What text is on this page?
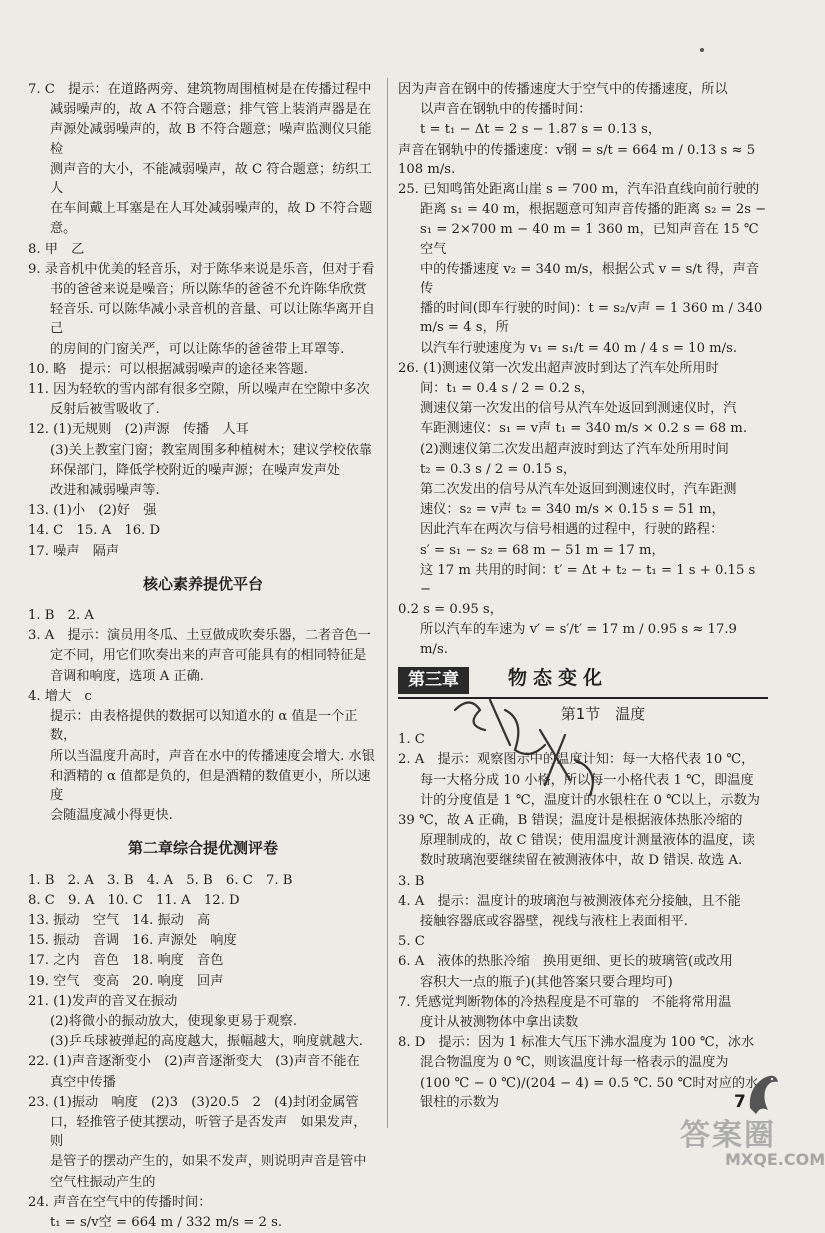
7. C　提示：在道路两旁、建筑物周围植树是在传播过程中
减弱噪声的，故 A 不符合题意；排气管上装消声器是在
声源处减弱噪声的，故 B 不符合题意；噪声监测仪只能检
测声音的大小，不能减弱噪声，故 C 符合题意；纺织工人
在车间戴上耳塞是在人耳处减弱噪声的，故 D 不符合题
意。
8. 甲　乙
9. 录音机中优美的轻音乐，对于陈华来说是乐音，但对于看
书的爸爸来说是噪音；所以陈华的爸爸不允许陈华欣赏
轻音乐. 可以陈华减小录音机的音量、可以让陈华离开自己
的房间的门窗关严，可以让陈华的爸爸带上耳罩等.
10. 略　提示：可以根据减弱噪声的途径来答题.
11. 因为轻软的雪内部有很多空隙，所以噪声在空隙中多次
反射后被雪吸收了.
12. (1)无规则　(2)声源　传播　人耳
(3)关上教室门窗；教室周围多种植树木；建议学校依靠
环保部门，降低学校附近的噪声源；在噪声发声处
改进和减弱噪声等.
13. (1)小　(2)好　强
14. C　15. A　16. D
17. 噪声　隔声
核心素养提优平台
1. B　2. A
3. A　提示：演员用冬瓜、土豆做成吹奏乐器，二者音色一
定不同，用它们吹奏出来的声音可能具有的相同特征是
音调和响度，选项 A 正确.
4. 增大　c
提示：由表格提供的数据可以知道水的 α 值是一个正数，
所以当温度升高时，声音在水中的传播速度会增大. 水银
和酒精的 α 值都是负的，但是酒精的数值更小，所以速度
会随温度减小得更快.
第二章综合提优测评卷
1. B　2. A　3. B　4. A　5. B　6. C　7. B
8. C　9. A　10. C　11. A　12. D
13. 振动　空气　14. 振动　高
15. 振动　音调　16. 声源处　响度
17. 之内　音色　18. 响度　音色
19. 空气　变高　20. 响度　回声
21. (1)发声的音叉在振动
(2)将微小的振动放大，使现象更易于观察.
(3)乒乓球被弹起的高度越大，振幅越大，响度就越大.
22. (1)声音逐渐变小　(2)声音逐渐变大　(3)声音不能在
真空中传播
23. (1)振动　响度　(2)3　(3)20.5　2　(4)封闭金属管
口，轻推管子使其摆动，听管子是否发声　如果发声，则
是管子的摆动产生的，如果不发声，则说明声音是管中
空气柱振动产生的
24. 声音在空气中的传播时间：
t₁ = s/v空 = 664 m / 332 m/s = 2 s.
因为声音在钢中的传播速度大于空气中的传播速度，所以
以声音在钢轨中的传播时间：
t = t₁ − Δt = 2 s − 1.87 s = 0.13 s，
声音在钢轨中的传播速度：v钢 = s/t = 664 m / 0.13 s ≈ 5 108 m/s.
25. 已知鸣笛处距离山崖 s = 700 m，汽车沿直线向前行驶的
距离 s₁ = 40 m，根据题意可知声音传播的距离 s₂ = 2s −
s₁ = 2×700 m − 40 m = 1 360 m，已知声音在 15 ℃空气
中的传播速度 v₂ = 340 m/s，根据公式 v = s/t 得，声音传
播的时间(即车行驶的时间)：t = s₂/v声 = 1 360 m / 340 m/s = 4 s，所
以汽车行驶速度为 v₁ = s₁/t = 40 m / 4 s = 10 m/s.
26. (1)测速仪第一次发出超声波时到达了汽车处所用时
间：t₁ = 0.4 s / 2 = 0.2 s，
测速仪第一次发出的信号从汽车处返回到测速仪时，汽
车距测速仪：s₁ = v声 t₁ = 340 m/s × 0.2 s = 68 m.
(2)测速仪第二次发出超声波时到达了汽车处所用时间
t₂ = 0.3 s / 2 = 0.15 s，
第二次发出的信号从汽车处返回到测速仪时，汽车距测
速仪：s₂ = v声 t₂ = 340 m/s × 0.15 s = 51 m，
因此汽车在两次与信号相遇的过程中，行驶的路程：
s′ = s₁ − s₂ = 68 m − 51 m = 17 m，
这 17 m 共用的时间：t′ = Δt + t₂ − t₁ = 1 s + 0.15 s −
0.2 s = 0.95 s，
所以汽车的车速为 v′ = s′/t′ = 17 m / 0.95 s ≈ 17.9 m/s.
第三章	物态变化
第1节　温度
1. C
2. A　提示：观察图示中的温度计知：每一大格代表 10 ℃，
每一大格分成 10 小格，所以每一小格代表 1 ℃，即温度
计的分度值是 1 ℃，温度计的水银柱在 0 ℃以上，示数为
39 ℃，故 A 正确，B 错误；温度计是根据液体热胀冷缩的
原理制成的，故 C 错误；使用温度计测量液体的温度，读
数时玻璃泡要继续留在被测液体中，故 D 错误. 故选 A.
3. B
4. A　提示：温度计的玻璃泡与被测液体充分接触，且不能
接触容器底或容器壁，视线与液柱上表面相平.
5. C
6. A　液体的热胀冷缩　换用更细、更长的玻璃管(或改用
容积大一点的瓶子)(其他答案只要合理均可)
7. 凭感觉判断物体的冷热程度是不可靠的　不能将常用温
度计从被测物体中拿出读数
8. D　提示：因为 1 标准大气压下沸水温度为 100 ℃，冰水
混合物温度为 0 ℃，则该温度计每一格表示的温度为
(100 ℃ − 0 ℃)/(204 − 4) = 0.5 ℃. 50 ℃时对应的水银柱的示数为	7
答案圈
MXQE.COM
